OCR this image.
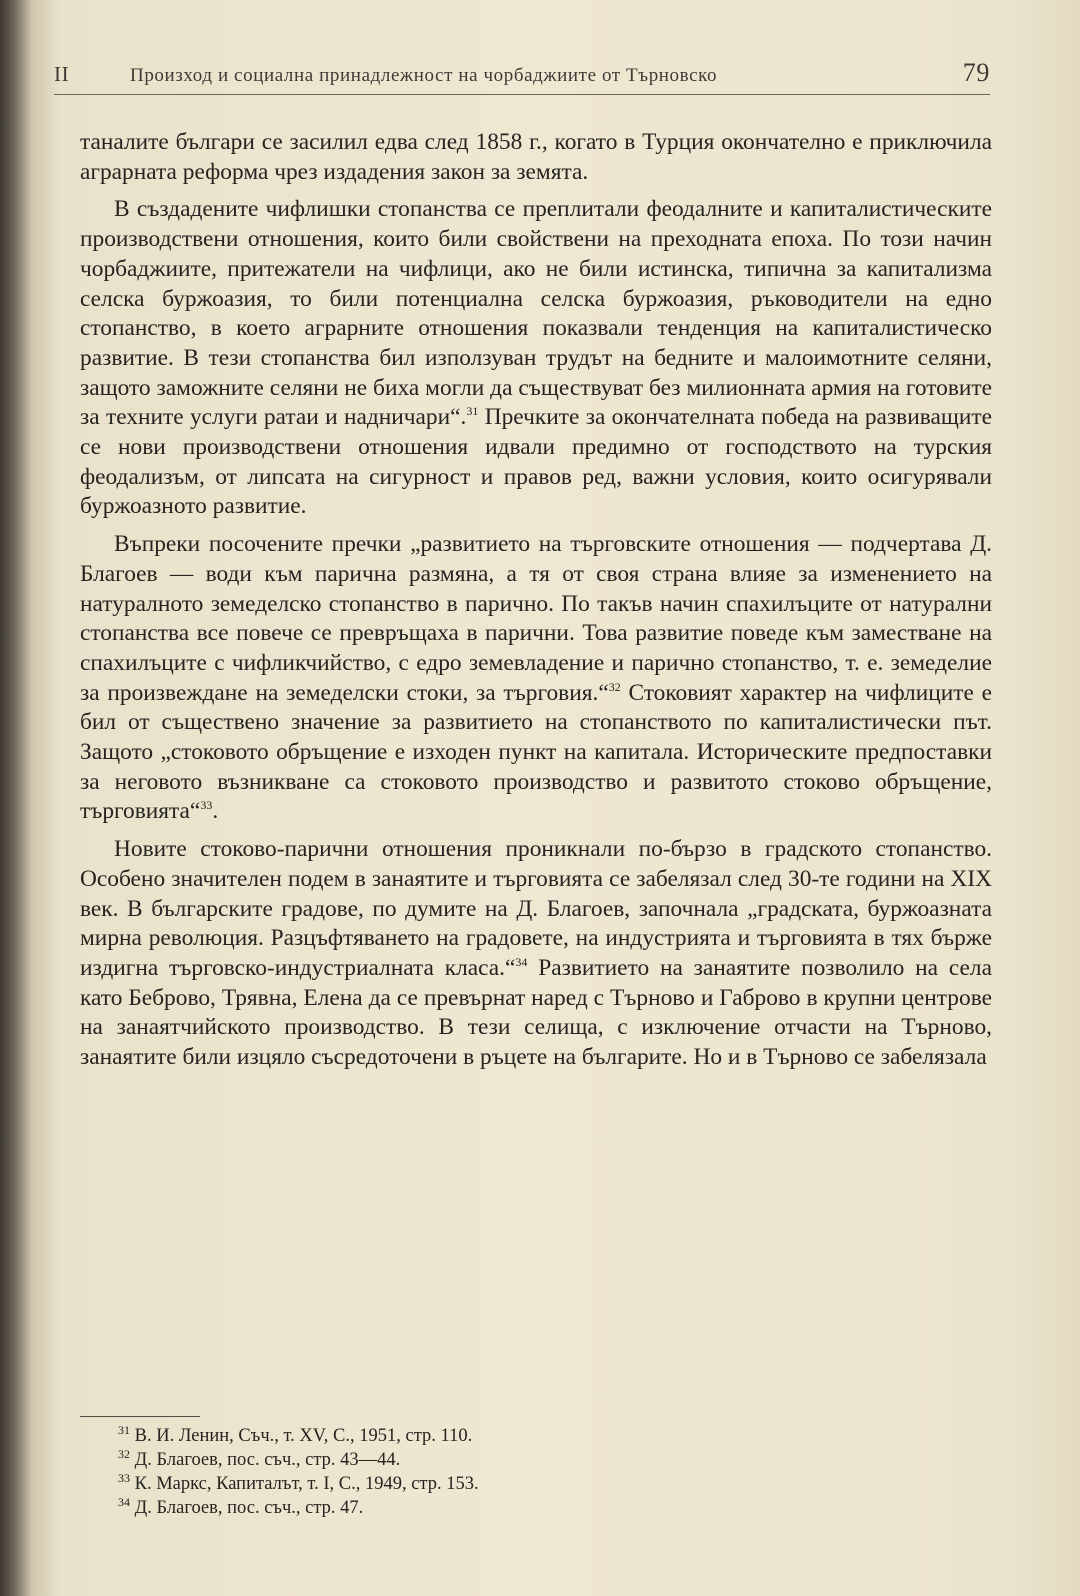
II	Произход и социална принадлежност на чорбаджиите от Търновско	79

таналите българи се засилил едва след 1858 г., когато в Турция окончателно е приключила аграрната реформа чрез издадения закон за земята.

В създадените чифлишки стопанства се преплитали феодалните и капиталистическите производствени отношения, които били свойствени на преходната епоха. По този начин чорбаджиите, притежатели на чифлици, ако не били истинска, типична за капитализма селска буржоазия, то били потенциална селска буржоазия, ръководители на едно стопанство, в което аграрните отношения показвали тенденция на капиталистическо развитие. В тези стопанства бил използуван трудът на бедните и малоимотните селяни, защото заможните селяни не биха могли да съществуват без милионната армия на готовите за техните услуги ратаи и надничари“.$^{31}$ Пречките за окончателната победа на развиващите се нови производствени отношения идвали предимно от господството на турския феодализъм, от липсата на сигурност и правов ред, важни условия, които осигурявали буржоазното развитие.

Въпреки посочените пречки „развитието на търговските отношения — подчертава Д. Благоев — води към парична размяна, а тя от своя страна влияе за изменението на натуралното земеделско стопанство в парично. По такъв начин спахилъците от натурални стопанства все повече се превръщаха в парични. Това развитие поведе към заместване на спахилъците с чифликчийство, с едро земевладение и парично стопанство, т. е. земеделие за произвеждане на земеделски стоки, за търговия.“$^{32}$ Стоковият характер на чифлиците е бил от съществено значение за развитието на стопанството по капиталистически път. Защото „стоковото обръщение е изходен пункт на капитала. Историческите предпоставки за неговото възникване са стоковото производство и развитото стоково обръщение, търговията“$^{33}$.

Новите стоково-парични отношения проникнали по-бързо в градското стопанство. Особено значителен подем в занаятите и търговията се забелязал след 30-те години на XIX век. В българските градове, по думите на Д. Благоев, започнала „градската, буржоазната мирна революция. Разцъфтяването на градовете, на индустрията и търговията в тях бърже издигна търговско-индустриалната класа.“$^{34}$ Развитието на занаятите позволило на села като Беброво, Трявна, Елена да се превърнат наред с Търново и Габрово в крупни центрове на занаятчийското производство. В тези селища, с изключение отчасти на Търново, занаятите били изцяло съсредоточени в ръцете на българите. Но и в Търново се забелязала

$^{31}$ В. И. Ленин, Съч., т. XV, С., 1951, стр. 110.

$^{32}$ Д. Благоев, пос. съч., стр. 43—44.

$^{33}$ К. Маркс, Капиталът, т. I, С., 1949, стр. 153.

$^{34}$ Д. Благоев, пос. съч., стр. 47.
